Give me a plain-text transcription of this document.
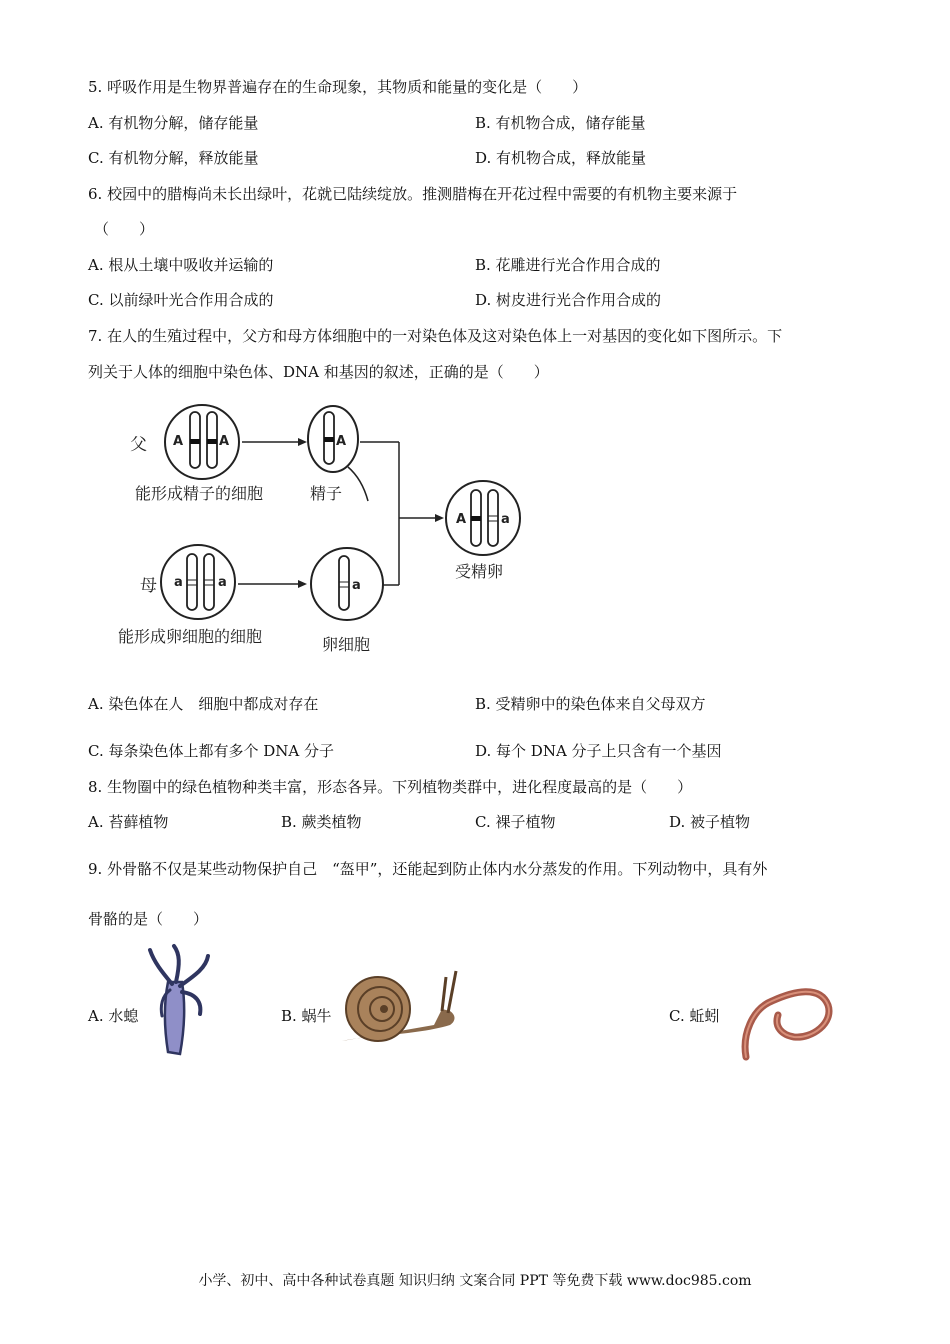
5. 呼吸作用是生物界普遍存在的生命现象，其物质和能量的变化是（　　）
A. 有机物分解，储存能量	B. 有机物合成，储存能量
C. 有机物分解，释放能量	D. 有机物合成，释放能量
6. 校园中的腊梅尚未长出绿叶，花就已陆续绽放。推测腊梅在开花过程中需要的有机物主要来源于
（　　）
A. 根从土壤中吸收并运输的	B. 花雕进行光合作用合成的
C. 以前绿叶光合作用合成的	D. 树皮进行光合作用合成的
7. 在人的生殖过程中，父方和母方体细胞中的一对染色体及这对染色体上一对基因的变化如下图所示。下
列关于人体的细胞中染色体、DNA 和基因的叙述，正确的是（　　）
父 A	A
能形成精子的细胞
A
精子
A	a
受精卵
母 a	a
能形成卵细胞的细胞
a
卵细胞
A. 染色体在人　细胞中都成对存在	B. 受精卵中的染色体来自父母双方
C. 每条染色体上都有多个 DNA 分子	D. 每个 DNA 分子上只含有一个基因
8. 生物圈中的绿色植物种类丰富，形态各异。下列植物类群中，进化程度最高的是（　　）
A. 苔藓植物	B. 蕨类植物	C. 裸子植物	D. 被子植物
9. 外骨骼不仅是某些动物保护自己　“盔甲”，还能起到防止体内水分蒸发的作用。下列动物中，具有外
骨骼的是（　　）
A. 水螅	B. 蜗牛	C. 蚯蚓
小学、初中、高中各种试卷真题 知识归纳 文案合同 PPT 等免费下载 www.doc985.com
